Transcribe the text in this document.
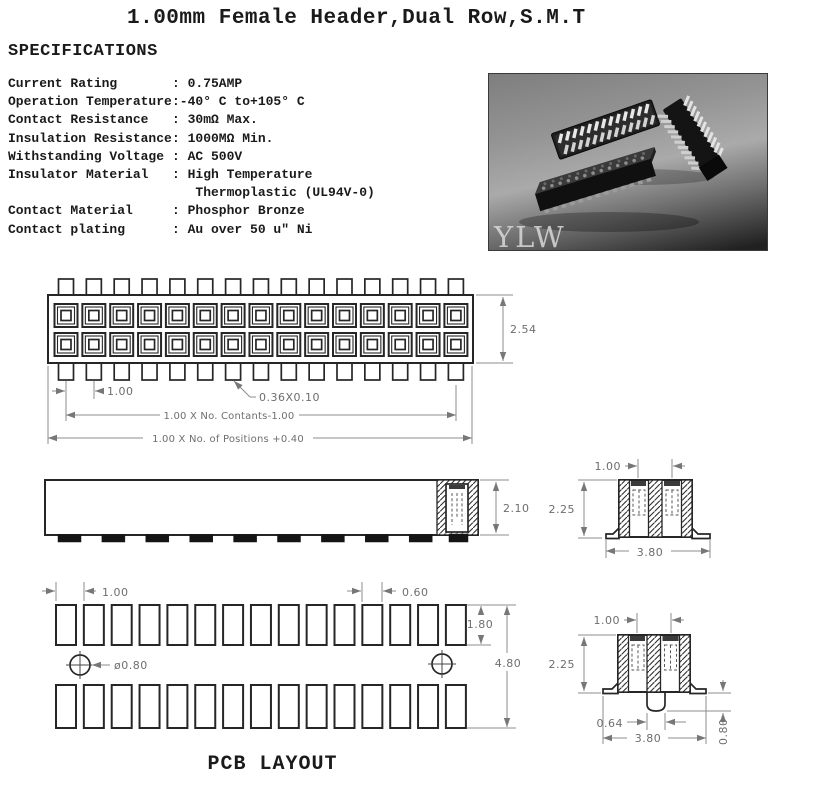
1.00mm Female Header,Dual Row,S.M.T
SPECIFICATIONS
Current Rating	: 0.75AMP
Operation Temperature:-40° C to+105° C
Contact Resistance : 30mΩ Max.
Insulation Resistance: 1000MΩ Min.
Withstanding Voltage : AC 500V
Insulator Material : High Temperature
Thermoplastic (UL94V-0)
Contact Material	: Phosphor Bronze
Contact plating	: Au over 50 u" Ni	YLW
2.54
1.00	0.36X0.10
1.00 X No. Contants-1.00
1.00 X No. of Positions +0.40
2.10
1.00
2.25
3.80
1.00	0.60
1.80
4.80
ø0.80
1.00
2.25
0.64
3.80	0.80
PCB LAYOUT
